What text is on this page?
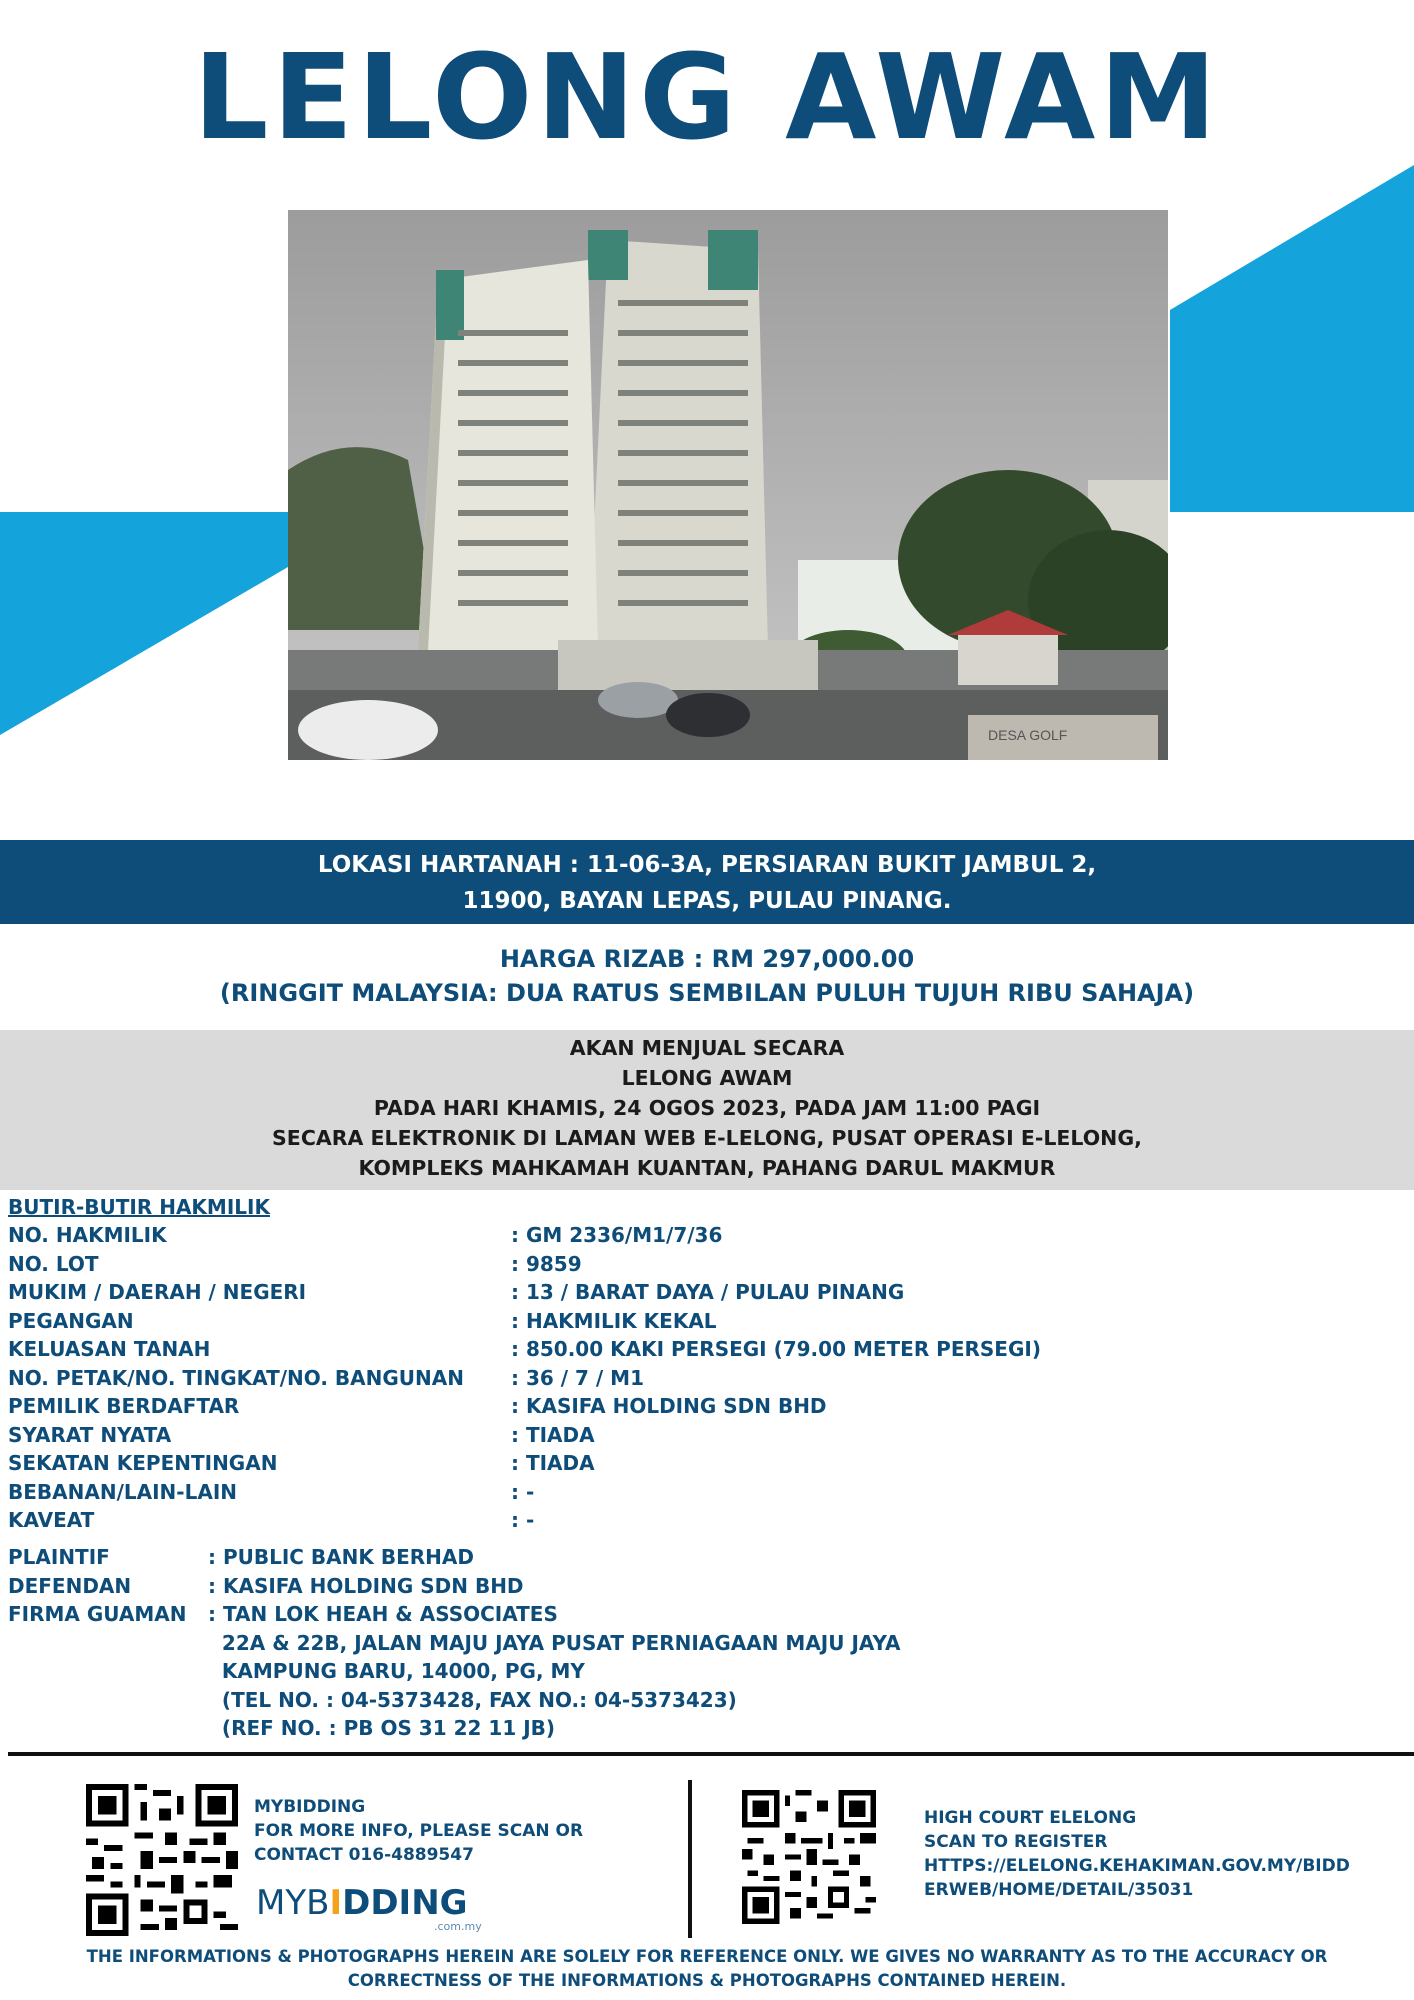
LELONG AWAM
DESA GOLF
LOKASI HARTANAH : 11-06-3A, PERSIARAN BUKIT JAMBUL 2,
11900, BAYAN LEPAS, PULAU PINANG.
HARGA RIZAB : RM 297,000.00
(RINGGIT MALAYSIA: DUA RATUS SEMBILAN PULUH TUJUH RIBU SAHAJA)
AKAN MENJUAL SECARA
LELONG AWAM
PADA HARI KHAMIS, 24 OGOS 2023, PADA JAM 11:00 PAGI
SECARA ELEKTRONIK DI LAMAN WEB E-LELONG, PUSAT OPERASI E-LELONG,
KOMPLEKS MAHKAMAH KUANTAN, PAHANG DARUL MAKMUR
BUTIR-BUTIR HAKMILIK
NO. HAKMILIK	: GM 2336/M1/7/36
NO. LOT	: 9859
MUKIM / DAERAH / NEGERI	: 13 / BARAT DAYA / PULAU PINANG
PEGANGAN	: HAKMILIK KEKAL
KELUASAN TANAH	: 850.00 KAKI PERSEGI (79.00 METER PERSEGI)
NO. PETAK/NO. TINGKAT/NO. BANGUNAN : 36 / 7 / M1
PEMILIK BERDAFTAR	: KASIFA HOLDING SDN BHD
SYARAT NYATA	: TIADA
SEKATAN KEPENTINGAN	: TIADA
BEBANAN/LAIN-LAIN	: -
KAVEAT	: -
PLAINTIF	: PUBLIC BANK BERHAD
DEFENDAN	: KASIFA HOLDING SDN BHD
FIRMA GUAMAN : TAN LOK HEAH & ASSOCIATES
22A & 22B, JALAN MAJU JAYA PUSAT PERNIAGAAN MAJU JAYA
KAMPUNG BARU, 14000, PG, MY
(TEL NO. : 04-5373428, FAX NO.: 04-5373423)
(REF NO. : PB OS 31 22 11 JB)
MYBIDDING
FOR MORE INFO, PLEASE SCAN OR
CONTACT 016-4889547
MYBIDDING
.com.my
HIGH COURT ELELONG
SCAN TO REGISTER
HTTPS://ELELONG.KEHAKIMAN.GOV.MY/BIDD
ERWEB/HOME/DETAIL/35031
THE INFORMATIONS & PHOTOGRAPHS HEREIN ARE SOLELY FOR REFERENCE ONLY. WE GIVES NO WARRANTY AS TO THE ACCURACY OR
CORRECTNESS OF THE INFORMATIONS & PHOTOGRAPHS CONTAINED HEREIN.
